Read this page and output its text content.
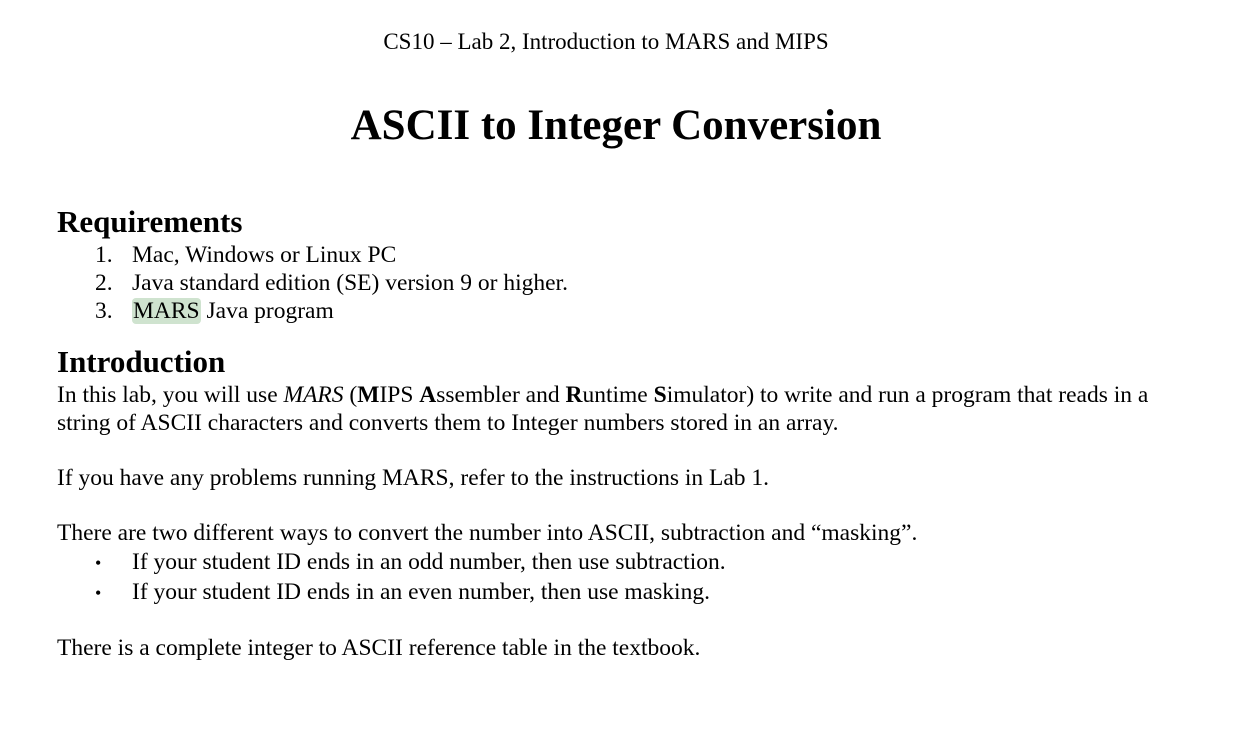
CS10 – Lab 2, Introduction to MARS and MIPS
ASCII to Integer Conversion
Requirements
1. Mac, Windows or Linux PC
2. Java standard edition (SE) version 9 or higher.
3. MARS Java program
Introduction

In this lab, you will use MARS (MIPS Assembler and Runtime Simulator) to write and run a program that reads in a string of ASCII characters and converts them to Integer numbers stored in an array.

If you have any problems running MARS, refer to the instructions in Lab 1.

There are two different ways to convert the number into ASCII, subtraction and “masking”.

• If your student ID ends in an odd number, then use subtraction.
• If your student ID ends in an even number, then use masking.

There is a complete integer to ASCII reference table in the textbook.
